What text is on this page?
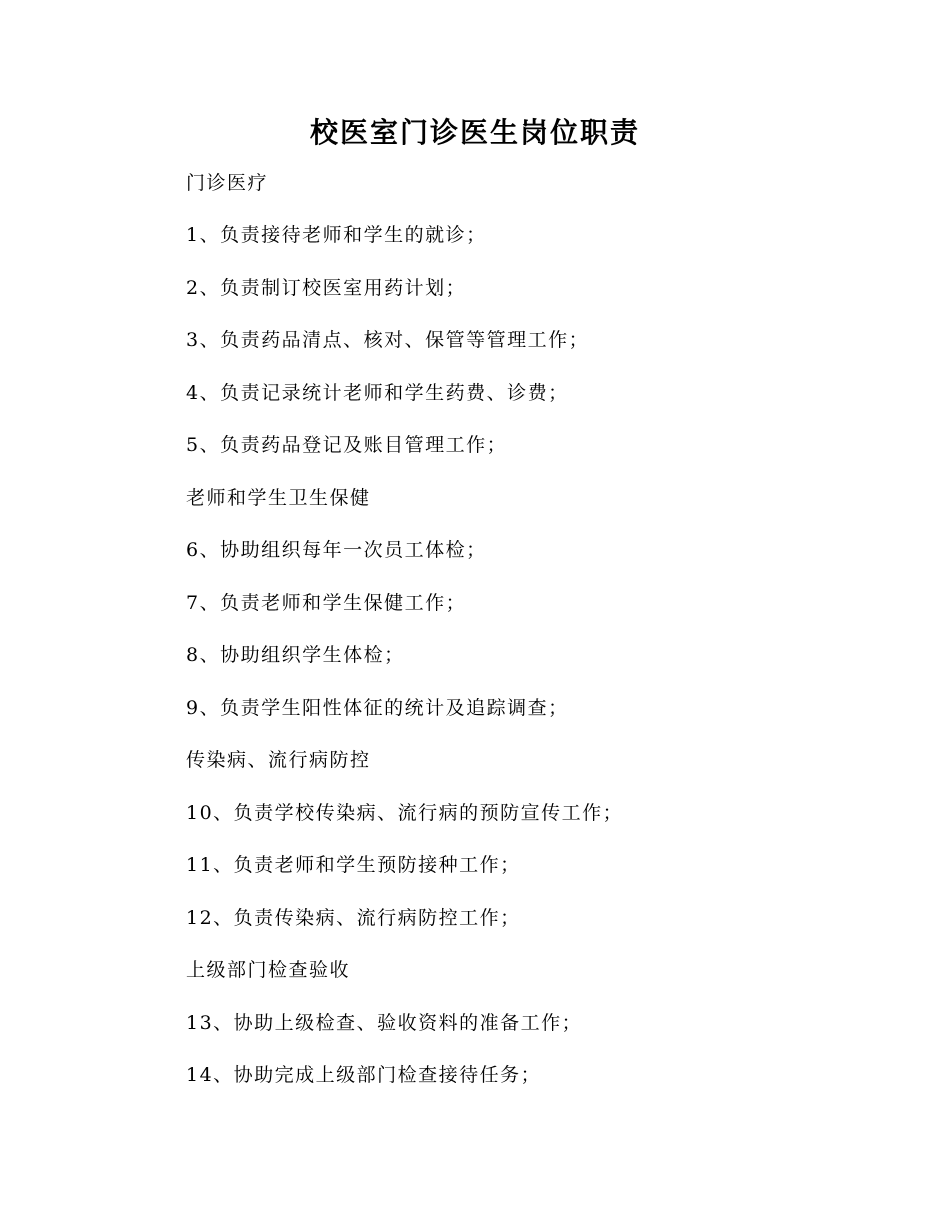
校医室门诊医生岗位职责
门诊医疗
1、负责接待老师和学生的就诊；
2、负责制订校医室用药计划；
3、负责药品清点、核对、保管等管理工作；
4、负责记录统计老师和学生药费、诊费；
5、负责药品登记及账目管理工作；
老师和学生卫生保健
6、协助组织每年一次员工体检；
7、负责老师和学生保健工作；
8、协助组织学生体检；
9、负责学生阳性体征的统计及追踪调查；
传染病、流行病防控
10、负责学校传染病、流行病的预防宣传工作；
11、负责老师和学生预防接种工作；
12、负责传染病、流行病防控工作；
上级部门检查验收
13、协助上级检查、验收资料的准备工作；
14、协助完成上级部门检查接待任务；
